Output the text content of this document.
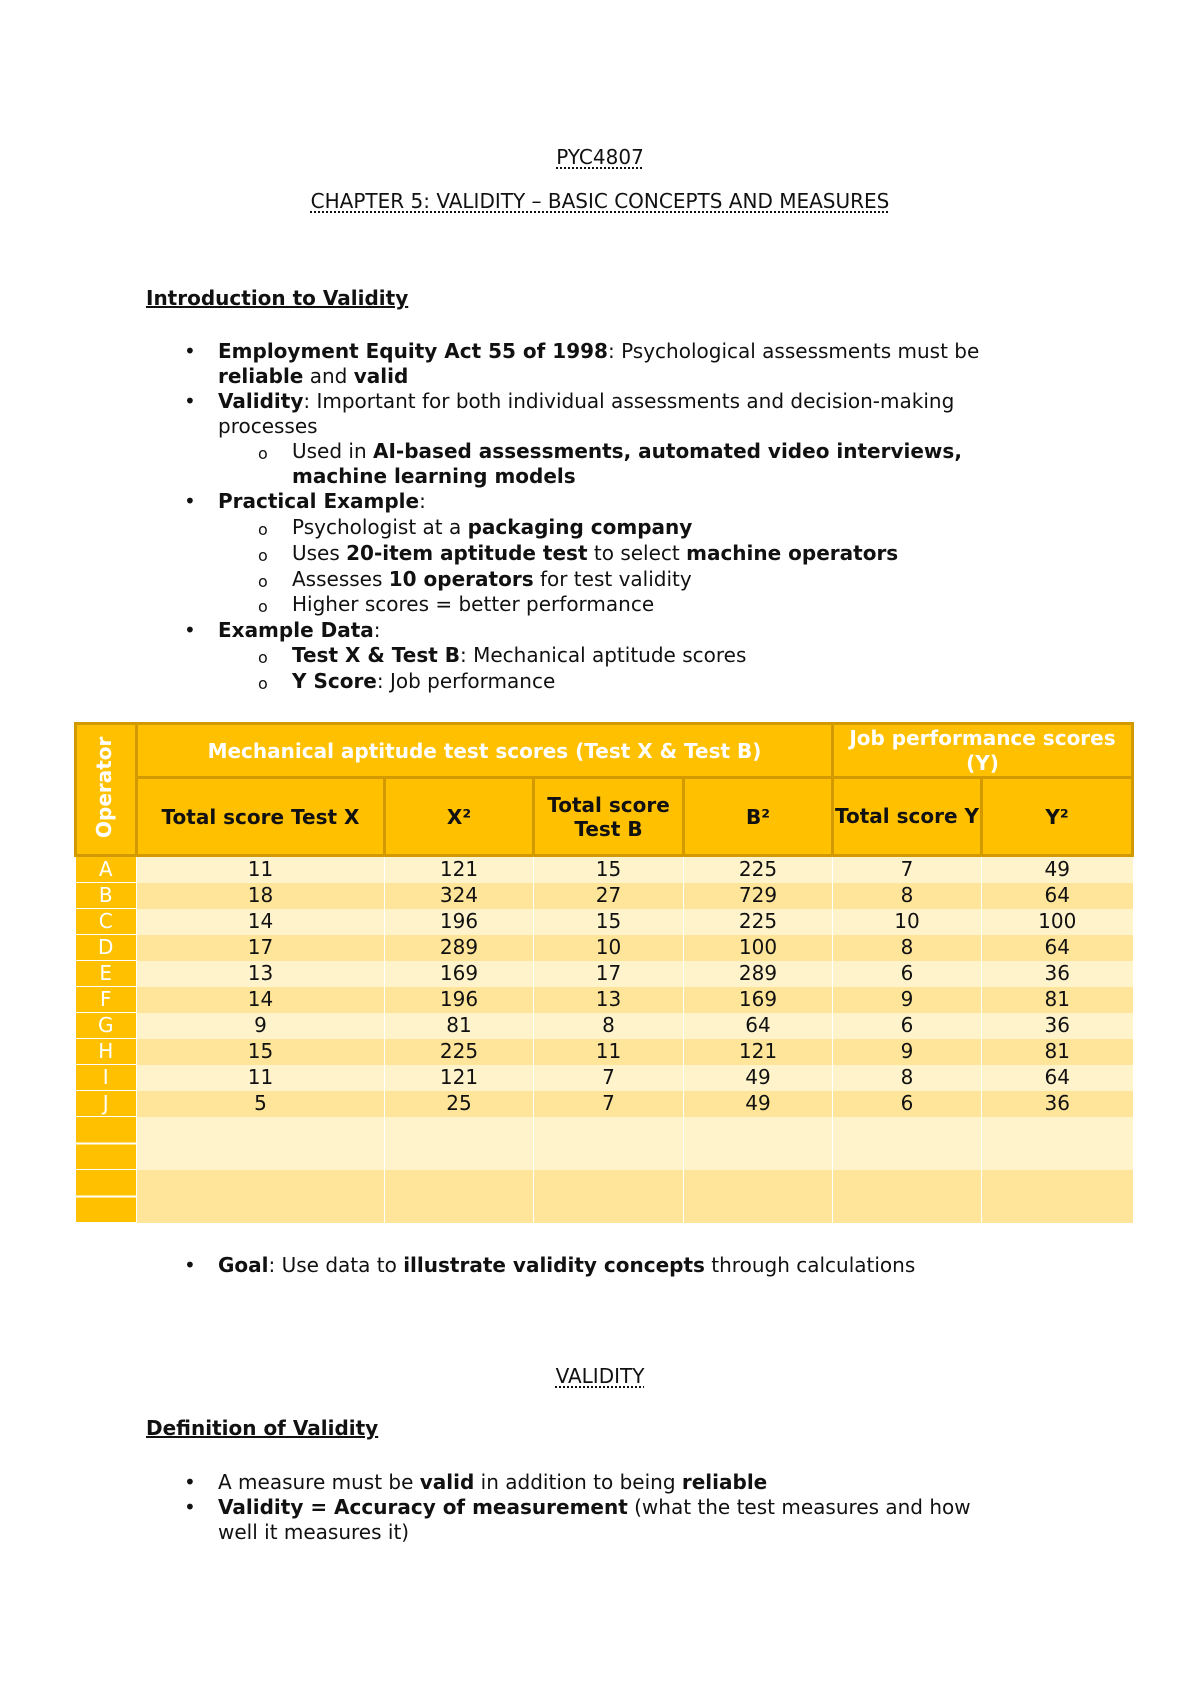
PYC4807
CHAPTER 5: VALIDITY – BASIC CONCEPTS AND MEASURES
Introduction to Validity
• Employment Equity Act 55 of 1998: Psychological assessments must be
reliable and valid
• Validity: Important for both individual assessments and decision-making
processes
o Used in AI-based assessments, automated video interviews,
machine learning models
• Practical Example:
o Psychologist at a packaging company
o Uses 20-item aptitude test to select machine operators
o Assesses 10 operators for test validity
o Higher scores = better performance
• Example Data:
o Test X & Test B: Mechanical aptitude scores
o Y Score: Job performance
Operator	Mechanical aptitude test scores (Test X & Test B)				Job performance scores (Y)	
	Total score Test X	X²	Total score Test B	B²	Total score Y	Y²
A	11	121	15	225	7	49
B	18	324	27	729	8	64
C	14	196	15	225	10	100
D	17	289	10	100	8	64
E	13	169	17	289	6	36
F	14	196	13	169	9	81
G	9	81	8	64	6	36
H	15	225	11	121	9	81
I	11	121	7	49	8	64
J	5	25	7	49	6	36

• Goal: Use data to illustrate validity concepts through calculations
VALIDITY
Definition of Validity
• A measure must be valid in addition to being reliable
• Validity = Accuracy of measurement (what the test measures and how
well it measures it)
